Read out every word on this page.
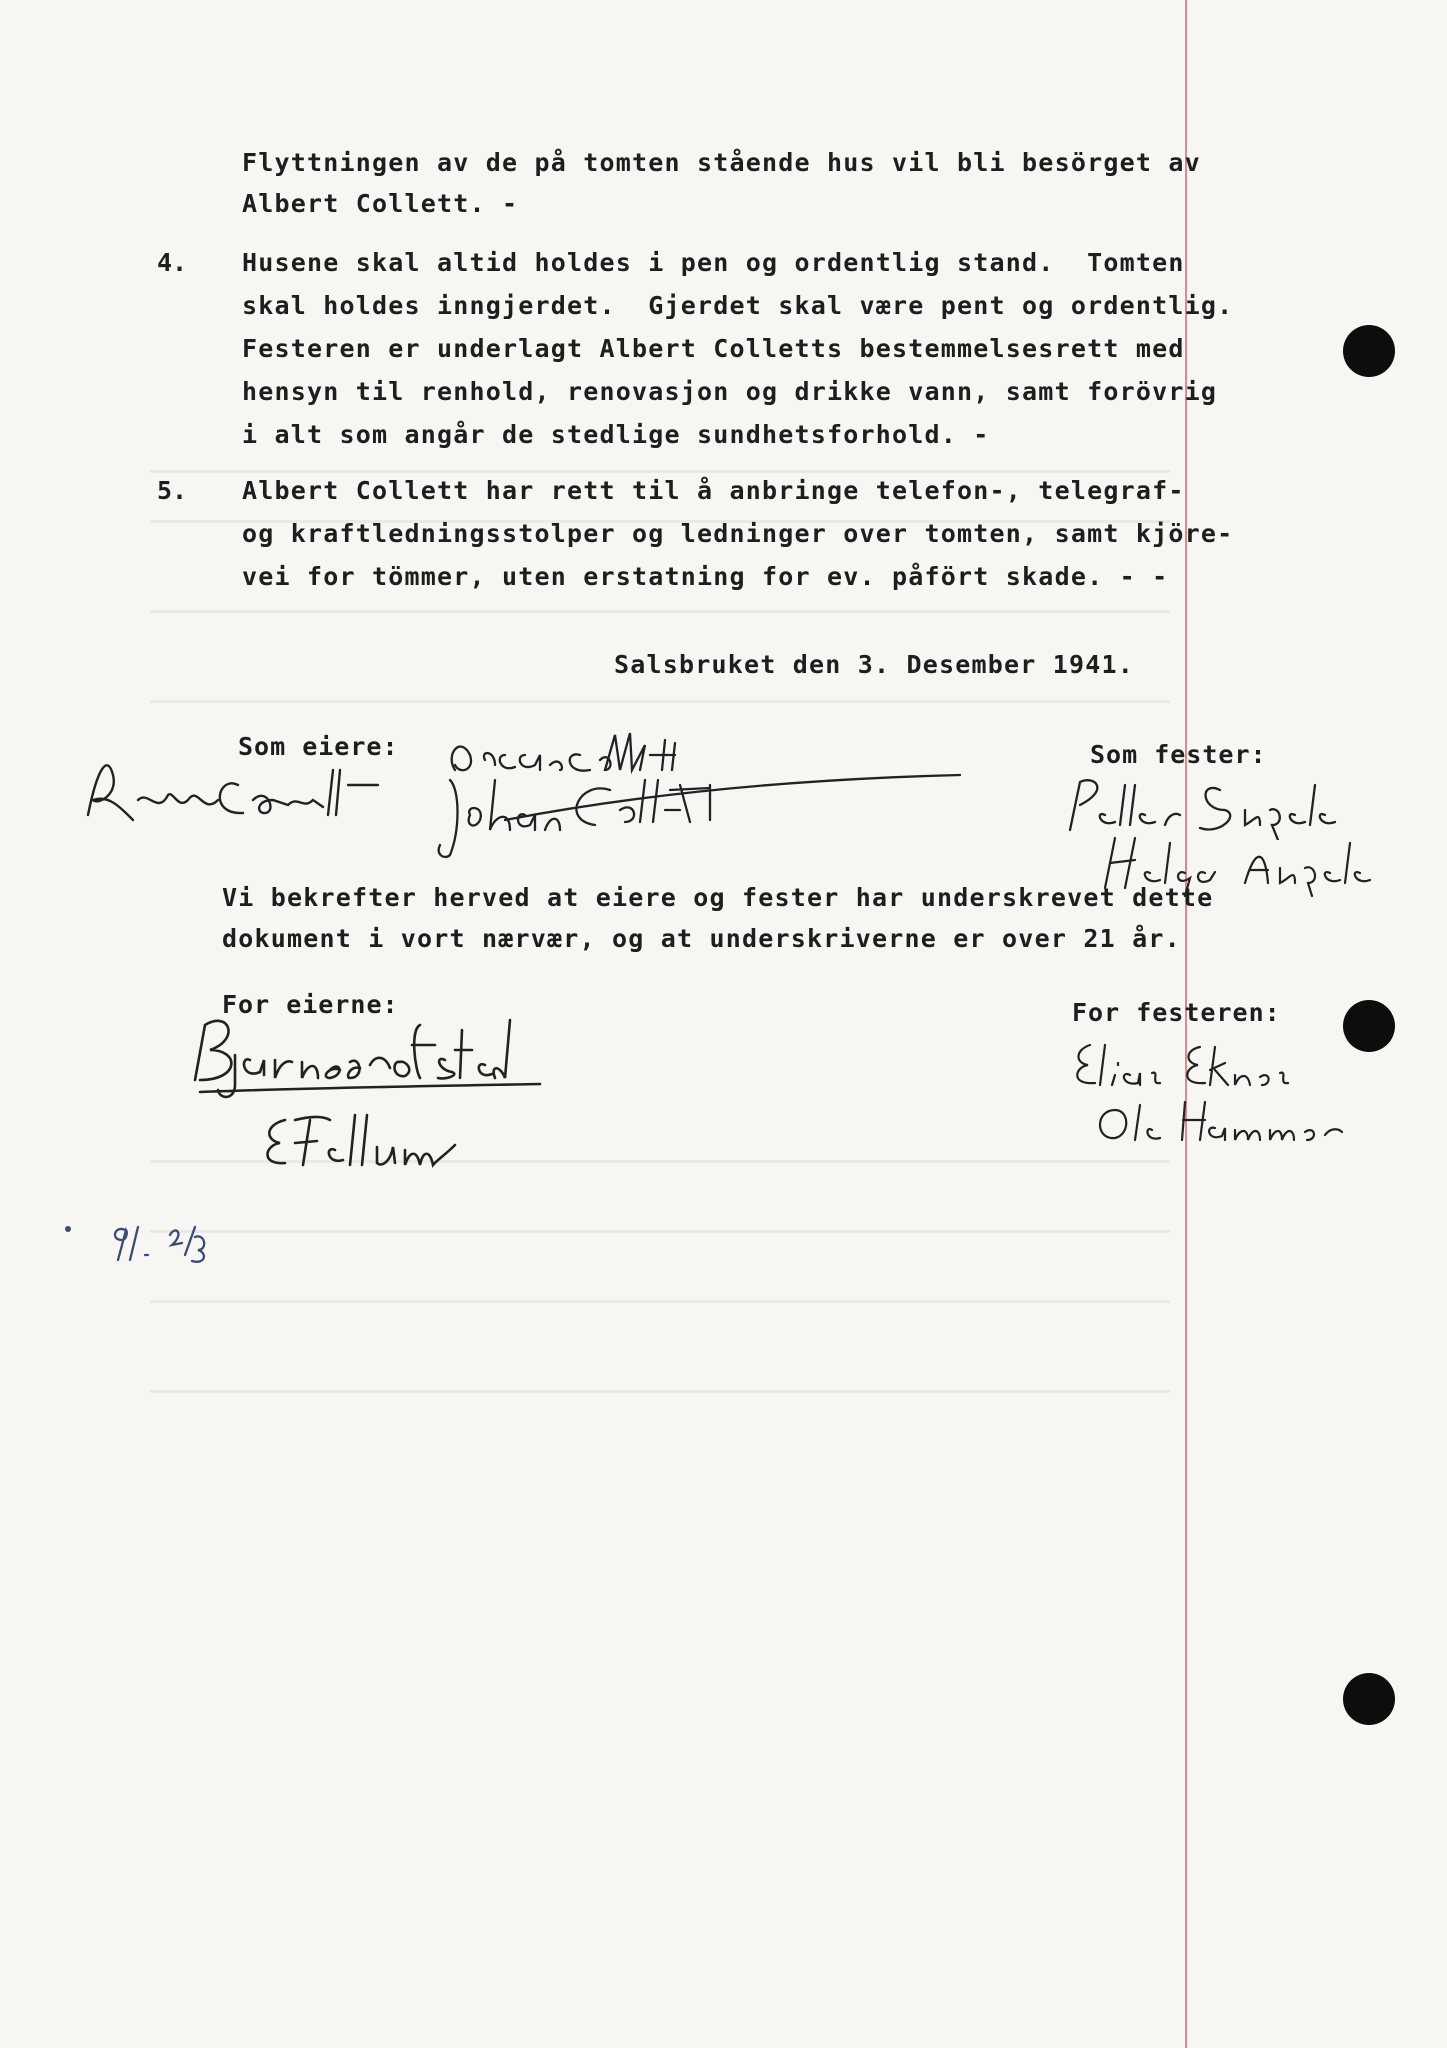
Flyttningen av de på tomten stående hus vil bli besörget av
Albert Collett. -
4. Husene skal altid holdes i pen og ordentlig stand.  Tomten
skal holdes inngjerdet.  Gjerdet skal være pent og ordentlig.
Festeren er underlagt Albert Colletts bestemmelsesrett med
hensyn til renhold, renovasjon og drikke vann, samt forövrig
i alt som angår de stedlige sundhetsforhold. -
5. Albert Collett har rett til å anbringe telefon-, telegraf-
og kraftledningsstolper og ledninger over tomten, samt kjöre-
vei for tömmer, uten erstatning for ev. påfört skade. - -
Salsbruket den 3. Desember 1941.
Som eiere:	Som fester:
Vi bekrefter herved at eiere og fester har underskrevet dette
dokument i vort nærvær, og at underskriverne er over 21 år.
For eierne:	For festeren:
